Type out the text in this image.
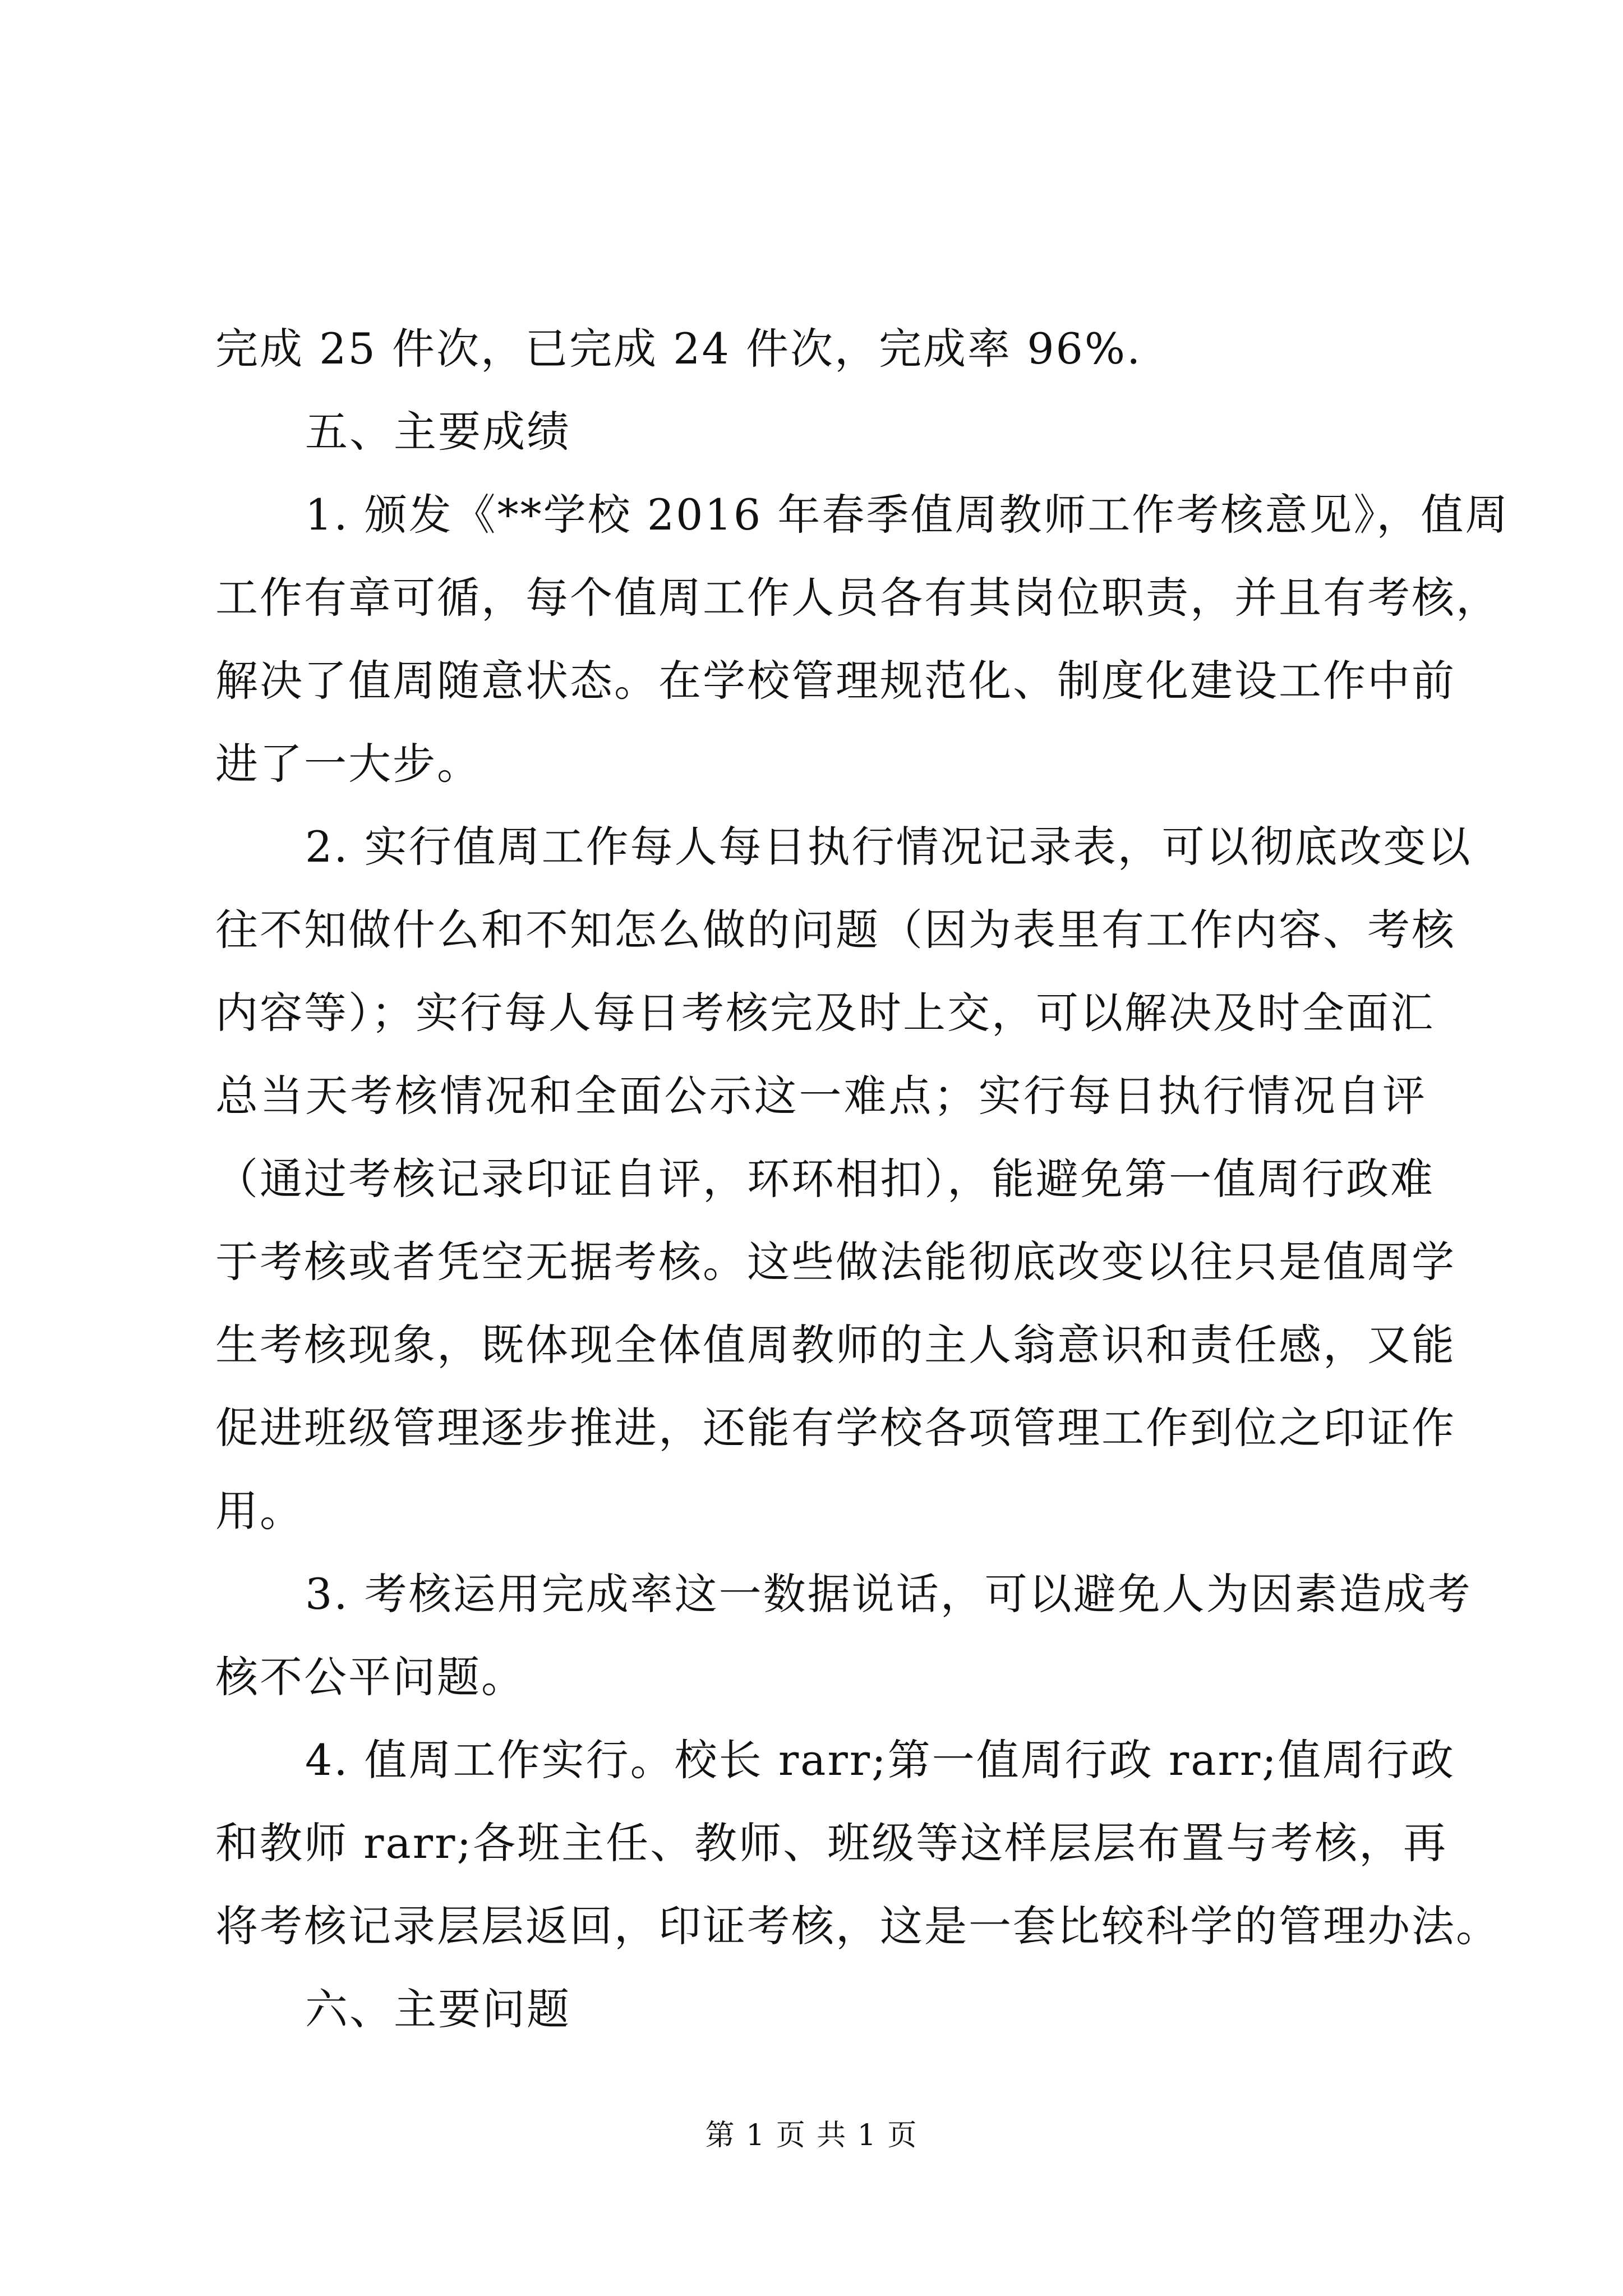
完成 25 件次，已完成 24 件次，完成率 96%.
五、主要成绩
1. 颁发《**学校 2016 年春季值周教师工作考核意见》，值周
工作有章可循，每个值周工作人员各有其岗位职责，并且有考核，
解决了值周随意状态。在学校管理规范化、制度化建设工作中前
进了一大步。
2. 实行值周工作每人每日执行情况记录表，可以彻底改变以
往不知做什么和不知怎么做的问题（因为表里有工作内容、考核
内容等）；实行每人每日考核完及时上交，可以解决及时全面汇
总当天考核情况和全面公示这一难点；实行每日执行情况自评
（通过考核记录印证自评，环环相扣），能避免第一值周行政难
于考核或者凭空无据考核。这些做法能彻底改变以往只是值周学
生考核现象，既体现全体值周教师的主人翁意识和责任感，又能
促进班级管理逐步推进，还能有学校各项管理工作到位之印证作
用。
3. 考核运用完成率这一数据说话，可以避免人为因素造成考
核不公平问题。
4. 值周工作实行。校长 rarr;第一值周行政 rarr;值周行政
和教师 rarr;各班主任、教师、班级等这样层层布置与考核，再
将考核记录层层返回，印证考核，这是一套比较科学的管理办法。
六、主要问题
第 1 页 共 1 页
